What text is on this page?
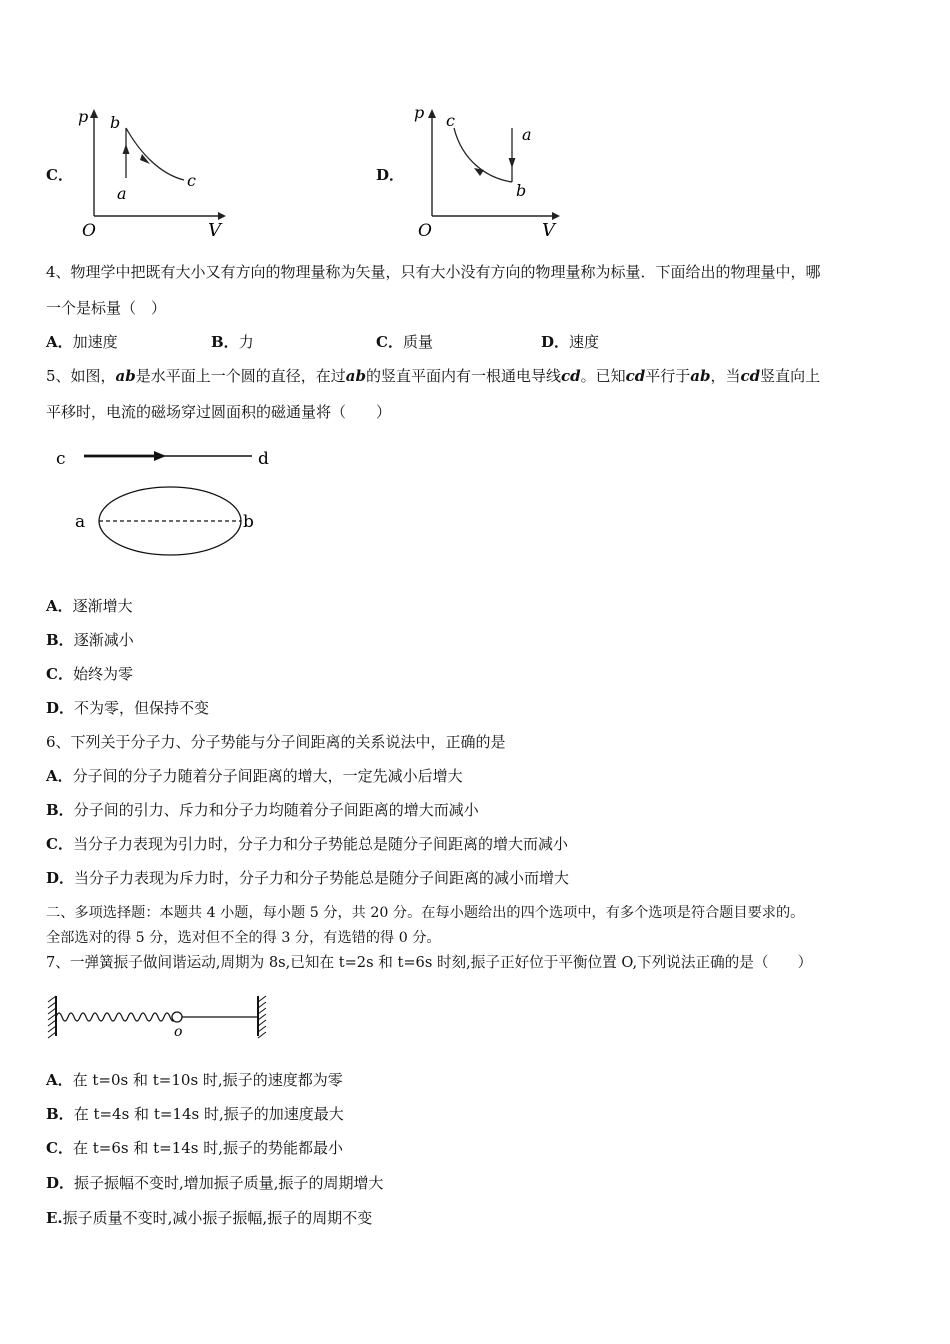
C．
p
V
O
a
b
c	D．
p
V
O
a
b
c
4、物理学中把既有大小又有方向的物理量称为矢量，只有大小没有方向的物理量称为标量．下面给出的物理量中，哪
一个是标量（　）
A．加速度	B．力	C．质量	D．速度
5、如图，ab是水平面上一个圆的直径，在过ab的竖直平面内有一根通电导线cd。已知cd平行于ab，当cd竖直向上
平移时，电流的磁场穿过圆面积的磁通量将（　　）
c	d
a	b
A．逐渐增大
B．逐渐减小
C．始终为零
D．不为零，但保持不变
6、下列关于分子力、分子势能与分子间距离的关系说法中，正确的是
A．分子间的分子力随着分子间距离的增大，一定先减小后增大
B．分子间的引力、斥力和分子力均随着分子间距离的增大而减小
C．当分子力表现为引力时，分子力和分子势能总是随分子间距离的增大而减小
D．当分子力表现为斥力时，分子力和分子势能总是随分子间距离的减小而增大
二、多项选择题：本题共 4 小题，每小题 5 分，共 20 分。在每小题给出的四个选项中，有多个选项是符合题目要求的。
全部选对的得 5 分，选对但不全的得 3 分，有选错的得 0 分。
7、一弹簧振子做间谐运动,周期为 8s,已知在 t=2s 和 t=6s 时刻,振子正好位于平衡位置 O,下列说法正确的是（　　）
o
A．在 t=0s 和 t=10s 时,振子的速度都为零
B．在 t=4s 和 t=14s 时,振子的加速度最大
C．在 t=6s 和 t=14s 时,振子的势能都最小
D．振子振幅不变时,增加振子质量,振子的周期增大
E.振子质量不变时,减小振子振幅,振子的周期不变
